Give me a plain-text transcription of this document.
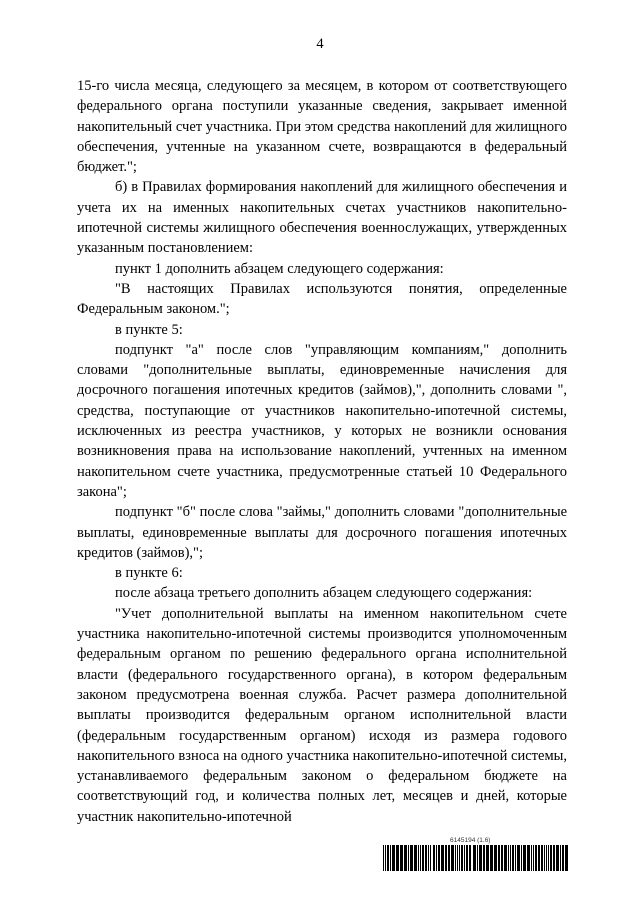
4

15-го числа месяца, следующего за месяцем, в котором от соответствующего федерального органа поступили указанные сведения, закрывает именной накопительный счет участника. При этом средства накоплений для жилищного обеспечения, учтенные на указанном счете, возвращаются в федеральный бюджет.";

б) в Правилах формирования накоплений для жилищного обеспечения и учета их на именных накопительных счетах участников накопительно-ипотечной системы жилищного обеспечения военнослужащих, утвержденных указанным постановлением:

пункт 1 дополнить абзацем следующего содержания:

"В настоящих Правилах используются понятия, определенные Федеральным законом.";

в пункте 5:

подпункт "а" после слов "управляющим компаниям," дополнить словами "дополнительные выплаты, единовременные начисления для досрочного погашения ипотечных кредитов (займов),", дополнить словами ", средства, поступающие от участников накопительно-ипотечной системы, исключенных из реестра участников, у которых не возникли основания возникновения права на использование накоплений, учтенных на именном накопительном счете участника, предусмотренные статьей 10 Федерального закона";

подпункт "б" после слова "займы," дополнить словами "дополнительные выплаты, единовременные выплаты для досрочного погашения ипотечных кредитов (займов),";

в пункте 6:

после абзаца третьего дополнить абзацем следующего содержания:

"Учет дополнительной выплаты на именном накопительном счете участника накопительно-ипотечной системы производится уполномоченным федеральным органом по решению федерального органа исполнительной власти (федерального государственного органа), в котором федеральным законом предусмотрена военная служба. Расчет размера дополнительной выплаты производится федеральным органом исполнительной власти (федеральным государственным органом) исходя из размера годового накопительного взноса на одного участника накопительно-ипотечной системы, устанавливаемого федеральным законом о федеральном бюджете на соответствующий год, и количества полных лет, месяцев и дней, которые участник накопительно-ипотечной

6145194 (1.6)
